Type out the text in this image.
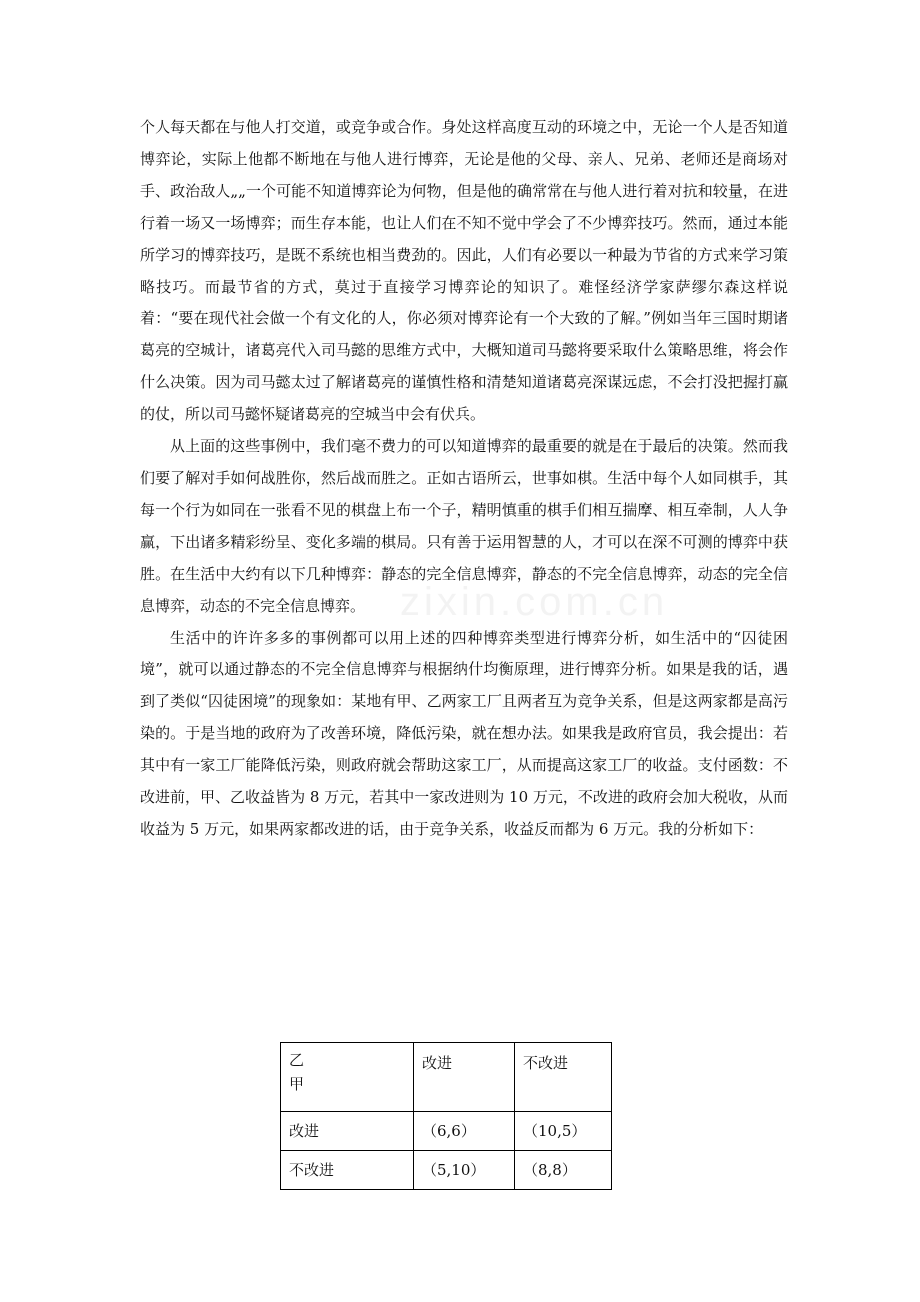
个人每天都在与他人打交道，或竞争或合作。身处这样高度互动的环境之中，无论一个人是否知道博弈论，实际上他都不断地在与他人进行博弈，无论是他的父母、亲人、兄弟、老师还是商场对手、政治敌人„„一个可能不知道博弈论为何物，但是他的确常常在与他人进行着对抗和较量，在进行着一场又一场博弈；而生存本能，也让人们在不知不觉中学会了不少博弈技巧。然而，通过本能所学习的博弈技巧，是既不系统也相当费劲的。因此，人们有必要以一种最为节省的方式来学习策略技巧。而最节省的方式，莫过于直接学习博弈论的知识了。难怪经济学家萨缪尔森这样说着：“要在现代社会做一个有文化的人，你必须对博弈论有一个大致的了解。”例如当年三国时期诸葛亮的空城计，诸葛亮代入司马懿的思维方式中，大概知道司马懿将要采取什么策略思维，将会作什么决策。因为司马懿太过了解诸葛亮的谨慎性格和清楚知道诸葛亮深谋远虑，不会打没把握打赢的仗，所以司马懿怀疑诸葛亮的空城当中会有伏兵。

从上面的这些事例中，我们毫不费力的可以知道博弈的最重要的就是在于最后的决策。然而我们要了解对手如何战胜你，然后战而胜之。正如古语所云，世事如棋。生活中每个人如同棋手，其每一个行为如同在一张看不见的棋盘上布一个子，精明慎重的棋手们相互揣摩、相互牵制，人人争赢，下出诸多精彩纷呈、变化多端的棋局。只有善于运用智慧的人，才可以在深不可测的博弈中获胜。在生活中大约有以下几种博弈：静态的完全信息博弈，静态的不完全信息博弈，动态的完全信息博弈，动态的不完全信息博弈。

生活中的许许多多的事例都可以用上述的四种博弈类型进行博弈分析，如生活中的“囚徒困境”，就可以通过静态的不完全信息博弈与根据纳什均衡原理，进行博弈分析。如果是我的话，遇到了类似“囚徒困境”的现象如：某地有甲、乙两家工厂且两者互为竞争关系，但是这两家都是高污染的。于是当地的政府为了改善环境，降低污染，就在想办法。如果我是政府官员，我会提出：若其中有一家工厂能降低污染，则政府就会帮助这家工厂，从而提高这家工厂的收益。支付函数：不改进前，甲、乙收益皆为 8 万元，若其中一家改进则为 10 万元，不改进的政府会加大税收，从而收益为 5 万元，如果两家都改进的话，由于竞争关系，收益反而都为 6 万元。我的分析如下：

乙
甲	改进	不改进
改进	（6,6）	（10,5）
不改进	（5,10）	（8,8）
zixin.com.cn
